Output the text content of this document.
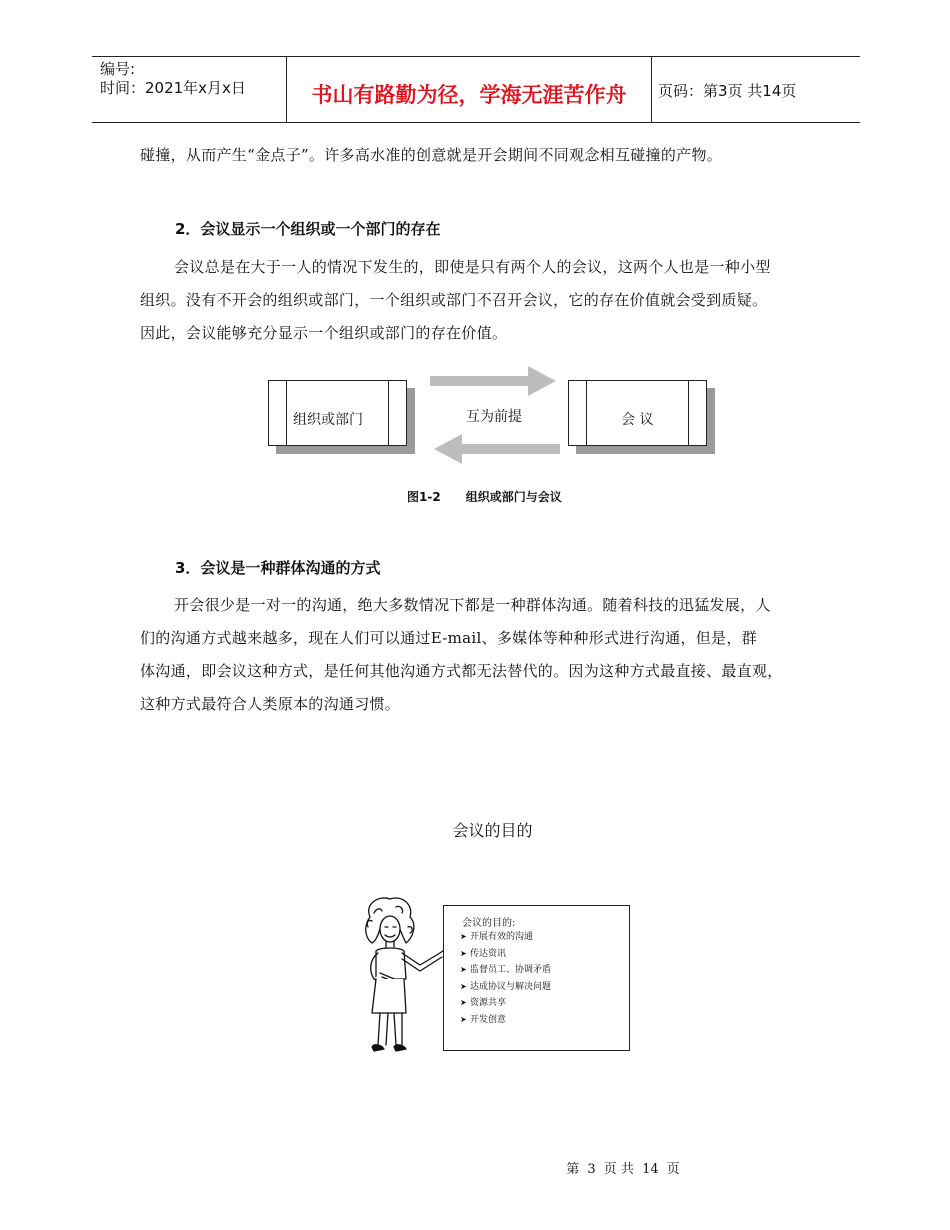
编号:
时间：2021年x月x日	书山有路勤为径，学海无涯苦作舟	页码：第3页 共14页
碰撞，从而产生“金点子”。许多高水准的创意就是开会期间不同观念相互碰撞的产物。
2．会议显示一个组织或一个部门的存在
会议总是在大于一人的情况下发生的，即使是只有两个人的会议，这两个人也是一种小型
组织。没有不开会的组织或部门，一个组织或部门不召开会议，它的存在价值就会受到质疑。
因此，会议能够充分显示一个组织或部门的存在价值。
组织或部门	互为前提	会 议
图1-2      组织或部门与会议
3．会议是一种群体沟通的方式
开会很少是一对一的沟通，绝大多数情况下都是一种群体沟通。随着科技的迅猛发展，人
们的沟通方式越来越多，现在人们可以通过E-mail、多媒体等种种形式进行沟通，但是，群
体沟通，即会议这种方式，是任何其他沟通方式都无法替代的。因为这种方式最直接、最直观，
这种方式最符合人类原本的沟通习惯。
会议的目的
会议的目的:
➤ 开展有效的沟通
➤ 传达资讯
➤ 监督员工、协调矛盾
➤ 达成协议与解决问题
➤ 资源共享
➤ 开发创意
第 3 页 共 14 页
